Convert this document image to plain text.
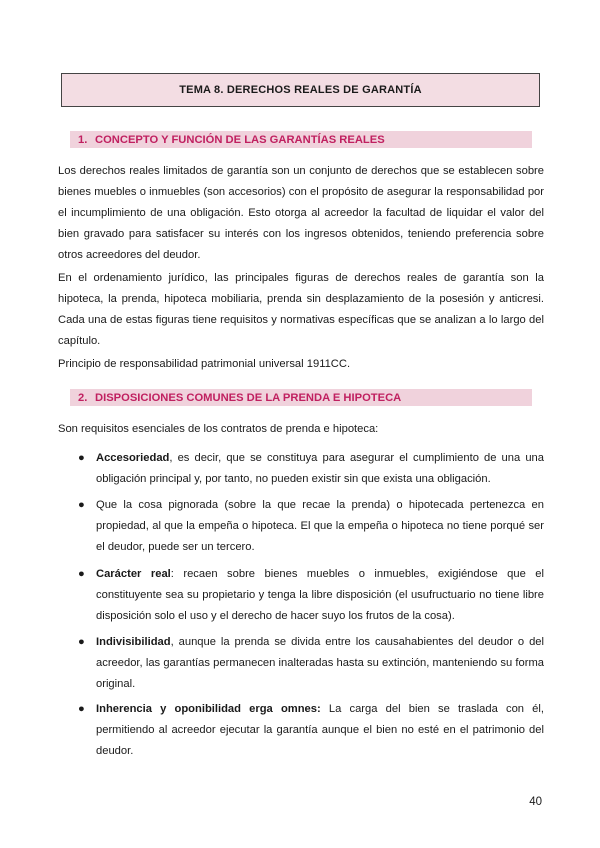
TEMA 8. DERECHOS REALES DE GARANTÍA
1. CONCEPTO Y FUNCIÓN DE LAS GARANTÍAS REALES

Los derechos reales limitados de garantía son un conjunto de derechos que se establecen sobre bienes muebles o inmuebles (son accesorios) con el propósito de asegurar la responsabilidad por el incumplimiento de una obligación. Esto otorga al acreedor la facultad de liquidar el valor del bien gravado para satisfacer su interés con los ingresos obtenidos, teniendo preferencia sobre otros acreedores del deudor.

En el ordenamiento jurídico, las principales figuras de derechos reales de garantía son la hipoteca, la prenda, hipoteca mobiliaria, prenda sin desplazamiento de la posesión y anticresi. Cada una de estas figuras tiene requisitos y normativas específicas que se analizan a lo largo del capítulo.

Principio de responsabilidad patrimonial universal 1911CC.

2. DISPOSICIONES COMUNES DE LA PRENDA E HIPOTECA

Son requisitos esenciales de los contratos de prenda e hipoteca:

● Accesoriedad, es decir, que se constituya para asegurar el cumplimiento de una una obligación principal y, por tanto, no pueden existir sin que exista una obligación.
● Que la cosa pignorada (sobre la que recae la prenda) o hipotecada pertenezca en propiedad, al que la empeña o hipoteca. El que la empeña o hipoteca no tiene porqué ser el deudor, puede ser un tercero.
● Carácter real: recaen sobre bienes muebles o inmuebles, exigiéndose que el constituyente sea su propietario y tenga la libre disposición (el usufructuario no tiene libre disposición solo el uso y el derecho de hacer suyo los frutos de la cosa).
● Indivisibilidad, aunque la prenda se divida entre los causahabientes del deudor o del acreedor, las garantías permanecen inalteradas hasta su extinción, manteniendo su forma original.
● Inherencia y oponibilidad erga omnes: La carga del bien se traslada con él, permitiendo al acreedor ejecutar la garantía aunque el bien no esté en el patrimonio del deudor.
40
